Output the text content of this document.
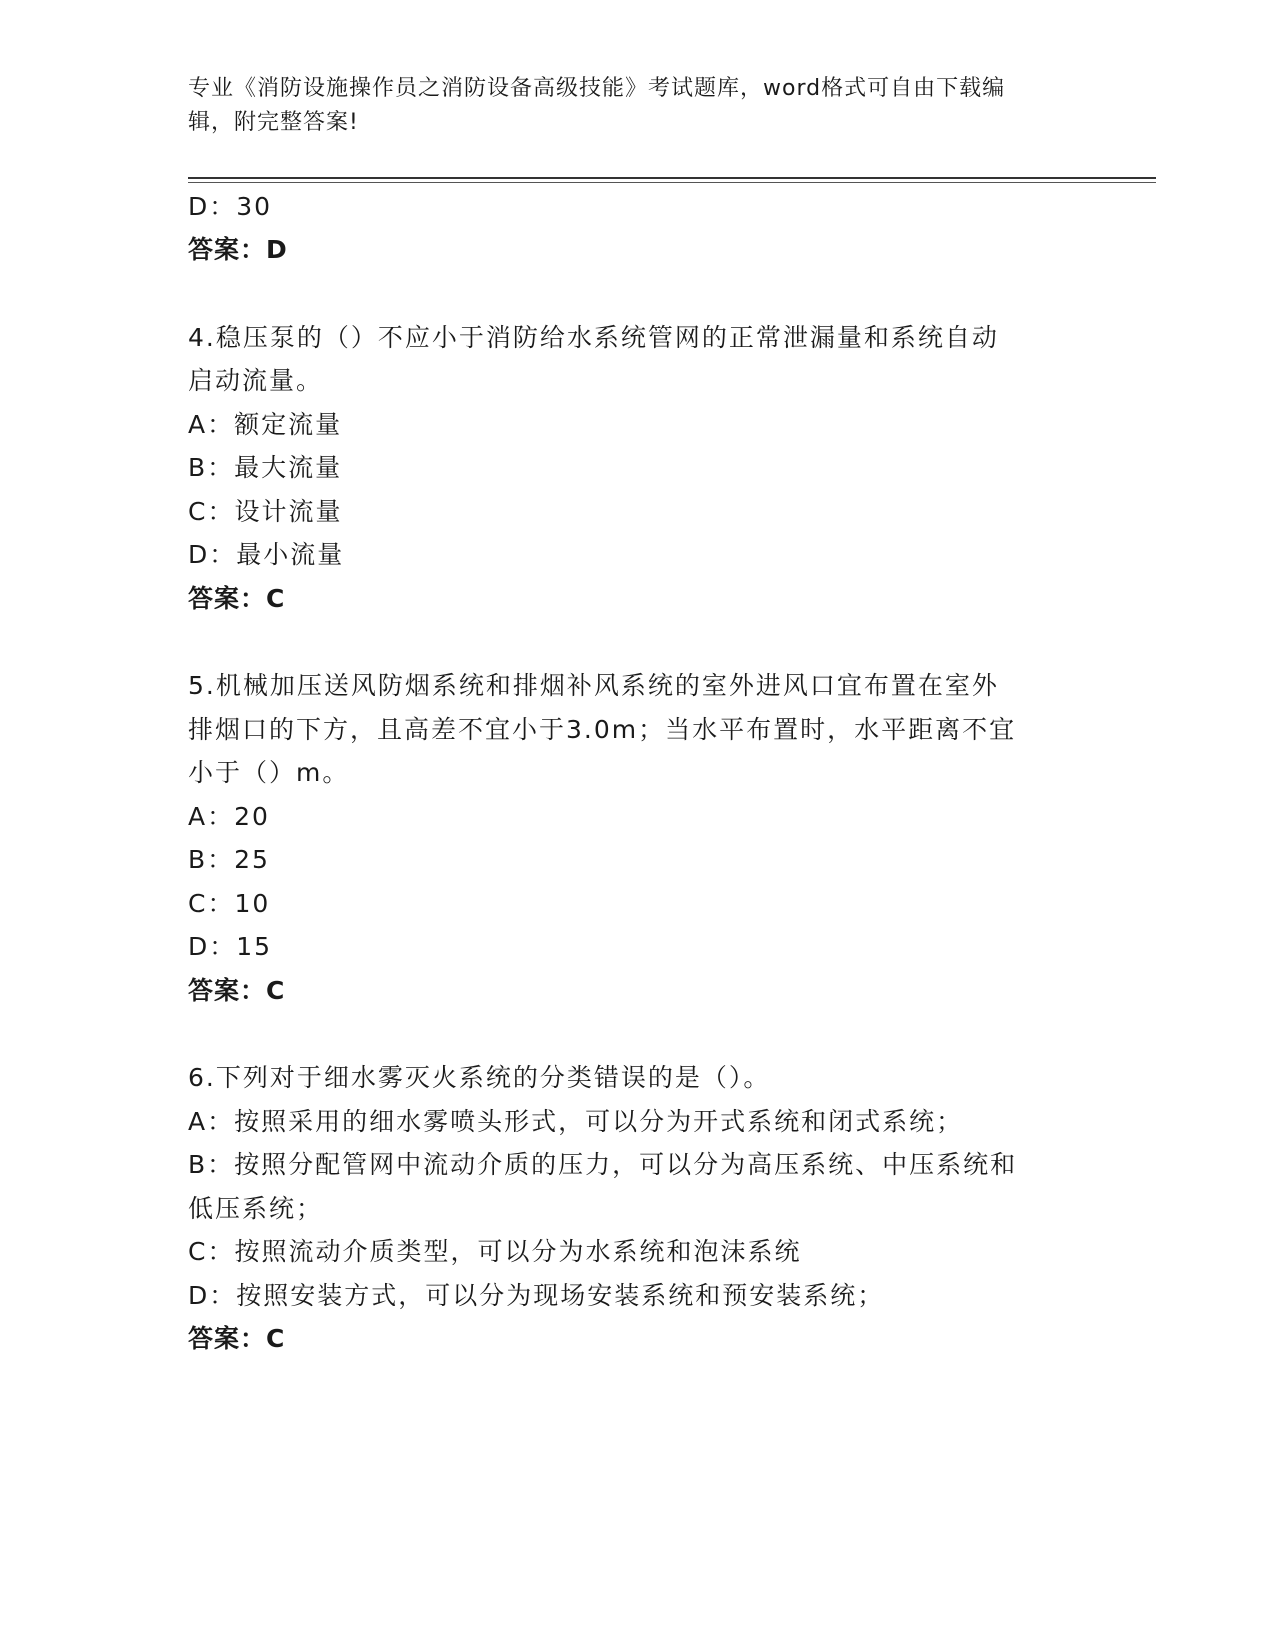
专业《消防设施操作员之消防设备高级技能》考试题库，word格式可自由下载编
辑，附完整答案!
D：30
答案：D
4.稳压泵的（）不应小于消防给水系统管网的正常泄漏量和系统自动
启动流量。
A：额定流量
B：最大流量
C：设计流量
D：最小流量
答案：C
5.机械加压送风防烟系统和排烟补风系统的室外进风口宜布置在室外
排烟口的下方，且高差不宜小于3.0m；当水平布置时，水平距离不宜
小于（）m。
A：20
B：25
C：10
D：15
答案：C
6.下列对于细水雾灭火系统的分类错误的是（）。
A：按照采用的细水雾喷头形式，可以分为开式系统和闭式系统；
B：按照分配管网中流动介质的压力，可以分为高压系统、中压系统和
低压系统；
C：按照流动介质类型，可以分为水系统和泡沫系统
D：按照安装方式，可以分为现场安装系统和预安装系统；
答案：C
